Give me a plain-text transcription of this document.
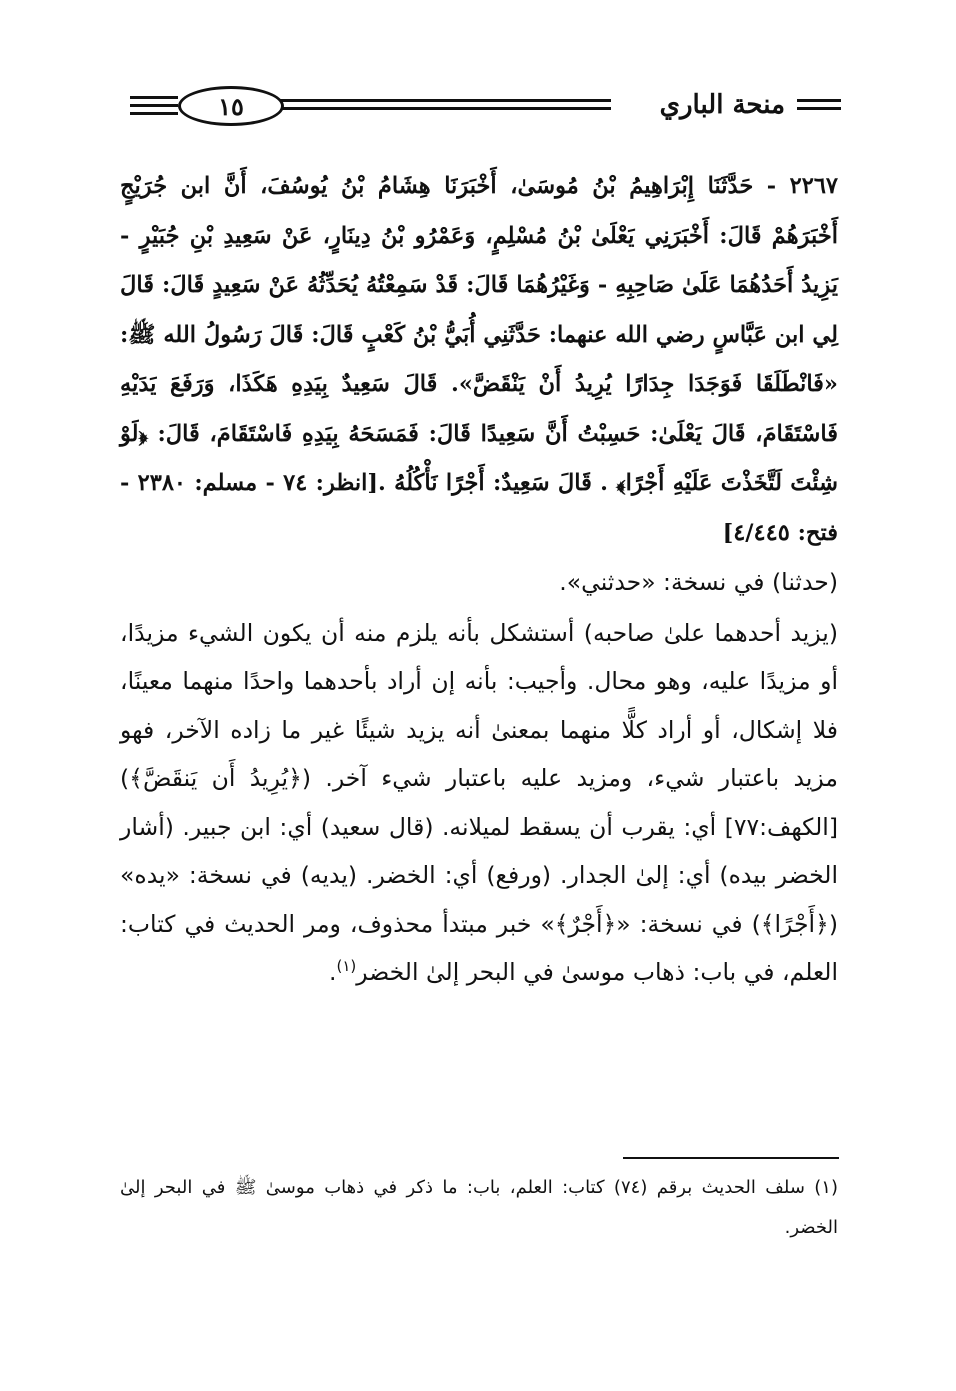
١٥	منحة الباري

٢٢٦٧ - حَدَّثَنَا إِبْرَاهِيمُ بْنُ مُوسَىٰ، أَخْبَرَنَا هِشَامُ بْنُ يُوسُفَ، أَنَّ ابن جُرَيْجٍ أَخْبَرَهُمْ قَالَ: أَخْبَرَنِي يَعْلَىٰ بْنُ مُسْلِمٍ، وَعَمْرُو بْنُ دِينَارٍ، عَنْ سَعِيدِ بْنِ جُبَيْرٍ - يَزِيدُ أَحَدُهُمَا عَلَىٰ صَاحِبِهِ - وَغَيْرُهُمَا قَالَ: قَدْ سَمِعْتُهُ يُحَدِّثُهُ عَنْ سَعِيدٍ قَالَ: قَالَ لِي ابن عَبَّاسٍ رضي الله عنهما: حَدَّثَنِي أُبَيُّ بْنُ كَعْبٍ قَالَ: قَالَ رَسُولُ الله ﷺ: «فَانْطَلَقَا فَوَجَدَا جِدَارًا يُرِيدُ أَنْ يَنْقَضَّ». قَالَ سَعِيدٌ بِيَدِهِ هَكَذَا، وَرَفَعَ يَدَيْهِ فَاسْتَقَامَ، قَالَ يَعْلَىٰ: حَسِبْتُ أَنَّ سَعِيدًا قَالَ: فَمَسَحَهُ بِيَدِهِ فَاسْتَقَامَ، قَالَ: ﴿لَوْ شِئْتَ لَتَّخَذْتَ عَلَيْهِ أَجْرًا﴾ . قَالَ سَعِيدٌ: أَجْرًا نَأْكُلُهُ .[انظر: ٧٤ - مسلم: ٢٣٨٠ - فتح: ٤/٤٤٥]

(حدثنا) في نسخة: «حدثني».

(يزيد أحدهما علىٰ صاحبه) أستشكل بأنه يلزم منه أن يكون الشيء مزيدًا، أو مزيدًا عليه، وهو محال. وأجيب: بأنه إن أراد بأحدهما واحدًا منهما معينًا، فلا إشكال، أو أراد كلًّا منهما بمعنىٰ أنه يزيد شيئًا غير ما زاده الآخر، فهو مزيد باعتبار شيء، ومزيد عليه باعتبار شيء آخر. (﴿يُرِيدُ أَن يَنقَضَّ﴾) [الكهف:٧٧] أي: يقرب أن يسقط لميلانه. (قال سعيد) أي: ابن جبير. (أشار الخضر بيده) أي: إلىٰ الجدار. (ورفع) أي: الخضر. (يديه) في نسخة: «يده» (﴿أَجْرًا﴾) في نسخة: «﴿أَجْرٌ﴾» خبر مبتدأ محذوف، ومر الحديث في كتاب: العلم، في باب: ذهاب موسىٰ في البحر إلىٰ الخضر$^{(١)}$.

(١) سلف الحديث برقم (٧٤) كتاب: العلم، باب: ما ذكر في ذهاب موسىٰ ﷺ في البحر إلىٰ الخضر.
